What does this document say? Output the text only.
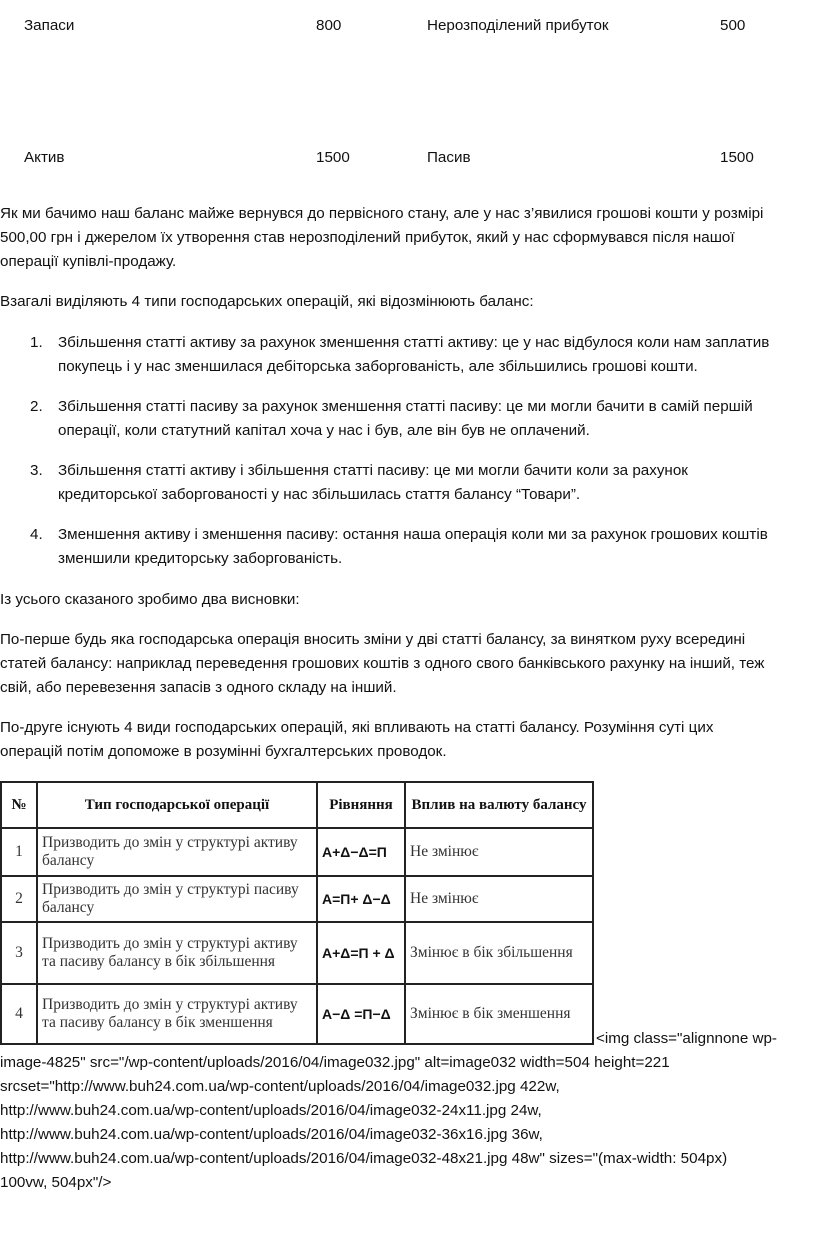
Запаси	800	Нерозподілений прибуток	500
Актив	1500	Пасив	1500
Як ми бачимо наш баланс майже вернувся до первісного стану, але у нас з’явилися грошові кошти у розмірі
500,00 грн і джерелом їх утворення став нерозподілений прибуток, який у нас сформувався після нашої
операції купівлі-продажу.
Взагалі виділяють 4 типи господарських операцій, які відозмінюють баланс:
1. Збільшення статті активу за рахунок зменшення статті активу: це у нас відбулося коли нам заплатив
покупець і у нас зменшилася дебіторська заборгованість, але збільшились грошові кошти.
2. Збільшення статті пасиву за рахунок зменшення статті пасиву: це ми могли бачити в самій першій
операції, коли статутний капітал хоча у нас і був, але він був не оплачений.
3. Збільшення статті активу і збільшення статті пасиву: це ми могли бачити коли за рахунок
кредиторської заборгованості у нас збільшилась стаття балансу “Товари”.
4. Зменшення активу і зменшення пасиву: остання наша операція коли ми за рахунок грошових коштів
зменшили кредиторську заборгованість.
Із усього сказаного зробимо два висновки:
По-перше будь яка господарська операція вносить зміни у дві статті балансу, за винятком руху всередині
статей балансу: наприклад переведення грошових коштів з одного свого банківського рахунку на інший, теж
свій, або перевезення запасів з одного складу на інший.
По-друге існують 4 види господарських операцій, які впливають на статті балансу. Розуміння суті цих
операцій потім допоможе в розумінні бухгалтерських проводок.
№	Тип господарської операції	Рівняння	Вплив на валюту балансу
1	Призводить до змін у структурі активу балансу	А+Δ−Δ=П	Не змінює
2	Призводить до змін у структурі пасиву балансу	А=П+ Δ−Δ	Не змінює
3	Призводить до змін у структурі активу та пасиву балансу в бік збільшення	А+Δ=П + Δ	Змінює в бік збільшення
4	Призводить до змін у структурі активу та пасиву балансу в бік зменшення	А−Δ =П−Δ	Змінює в бік зменшення
<img class="alignnone wp-
image-4825" src="/wp-content/uploads/2016/04/image032.jpg" alt=image032 width=504 height=221
srcset="http://www.buh24.com.ua/wp-content/uploads/2016/04/image032.jpg 422w,
http://www.buh24.com.ua/wp-content/uploads/2016/04/image032-24x11.jpg 24w,
http://www.buh24.com.ua/wp-content/uploads/2016/04/image032-36x16.jpg 36w,
http://www.buh24.com.ua/wp-content/uploads/2016/04/image032-48x21.jpg 48w" sizes="(max-width: 504px)
100vw, 504px"/>
